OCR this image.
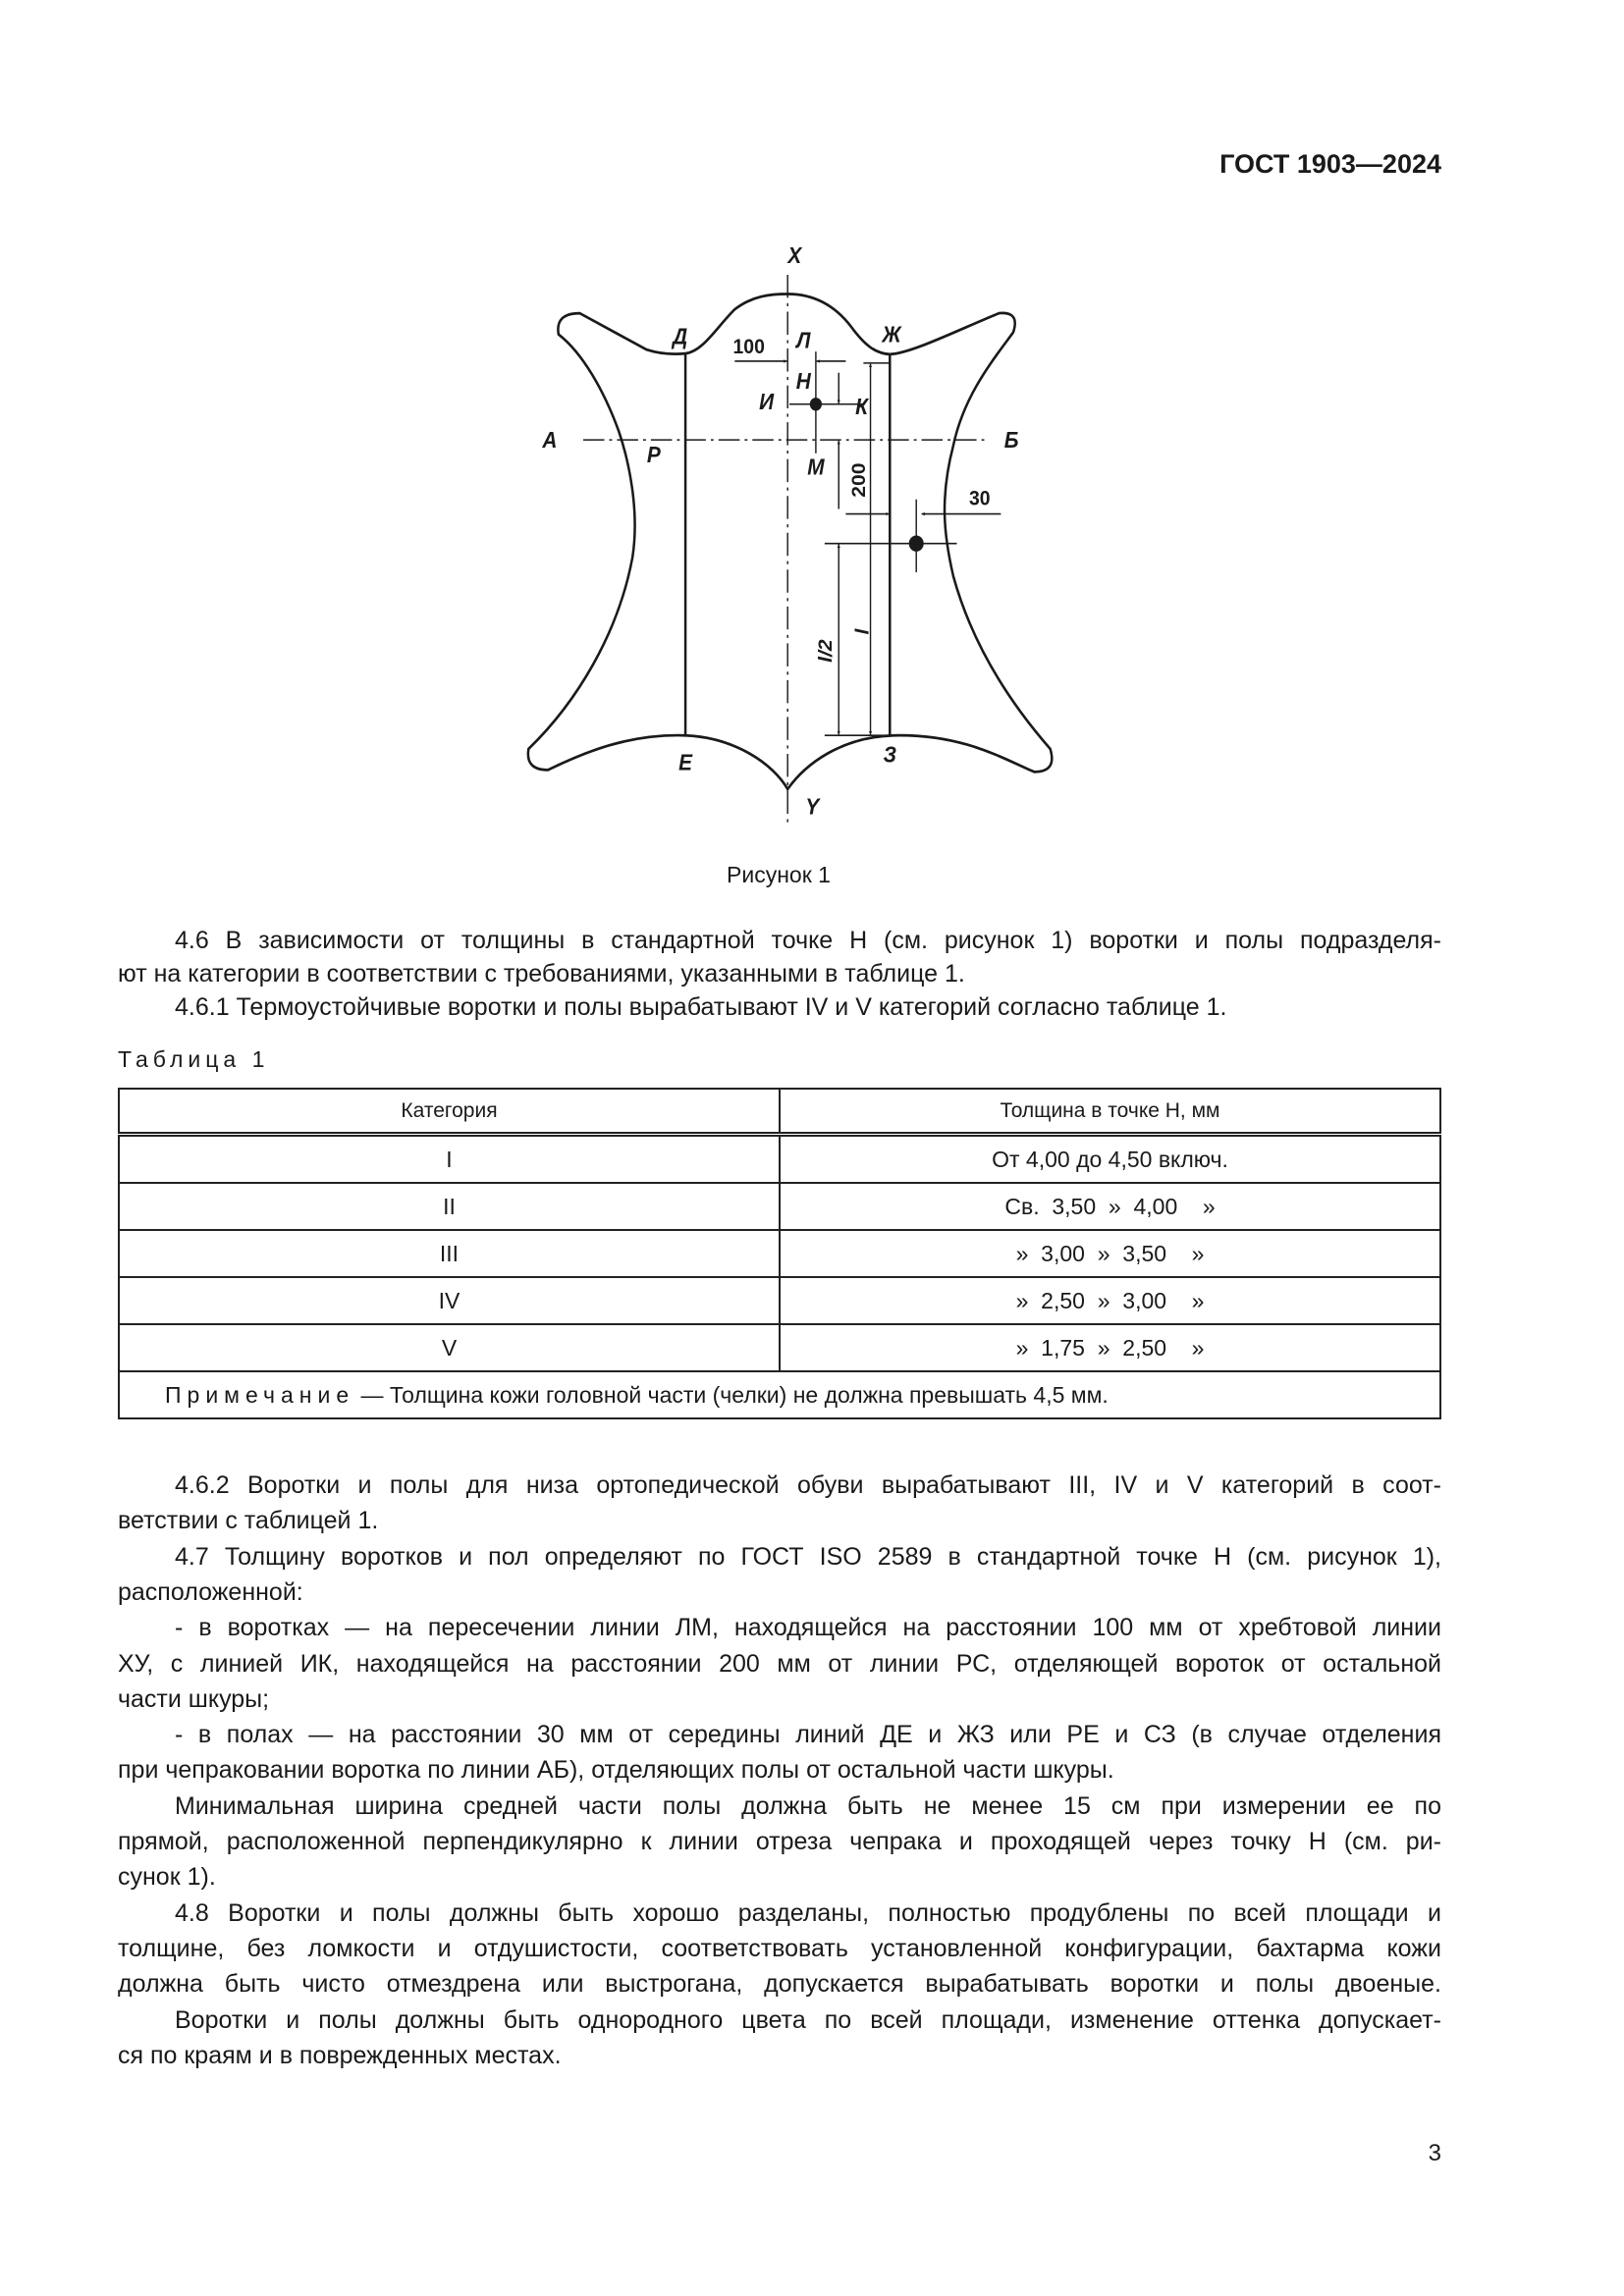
ГОСТ 1903—2024
X
Д Л Ж
Н
И К
А
Р
Б
М
Е	З
Y
100
30
200
l/2
l
Рисунок 1
4.6 В зависимости от толщины в стандартной точке Н (см. рисунок 1) воротки и полы подразделя-
ют на категории в соответствии с требованиями, указанными в таблице 1.
4.6.1 Термоустойчивые воротки и полы вырабатывают IV и V категорий согласно таблице 1.
Таблица 1
Категория	Толщина в точке Н, мм
I	От 4,00 до 4,50 включ.
II	Св.  3,50  »  4,00    »
III	»  3,00  »  3,50    »
IV	»  2,50  »  3,00    »
V	»  1,75  »  2,50    »
Примечание — Толщина кожи головной части (челки) не должна превышать 4,5 мм.	
4.6.2 Воротки и полы для низа ортопедической обуви вырабатывают III, IV и V категорий в соот-
ветствии с таблицей 1.
4.7 Толщину воротков и пол определяют по ГОСТ ISO 2589 в стандартной точке Н (см. рисунок 1),
расположенной:
- в воротках — на пересечении линии ЛМ, находящейся на расстоянии 100 мм от хребтовой линии
ХУ, с линией ИК, находящейся на расстоянии 200 мм от линии РС, отделяющей вороток от остальной
части шкуры;
- в полах — на расстоянии 30 мм от середины линий ДЕ и ЖЗ или РЕ и СЗ (в случае отделения
при чепраковании воротка по линии АБ), отделяющих полы от остальной части шкуры.
Минимальная ширина средней части полы должна быть не менее 15 см при измерении ее по
прямой, расположенной перпендикулярно к линии отреза чепрака и проходящей через точку Н (см. ри-
сунок 1).
4.8 Воротки и полы должны быть хорошо разделаны, полностью продублены по всей площади и
толщине, без ломкости и отдушистости, соответствовать установленной конфигурации, бахтарма кожи
должна быть чисто отмездрена или выстрогана, допускается вырабатывать воротки и полы двоеные.
Воротки и полы должны быть однородного цвета по всей площади, изменение оттенка допускает-
ся по краям и в поврежденных местах.
3
